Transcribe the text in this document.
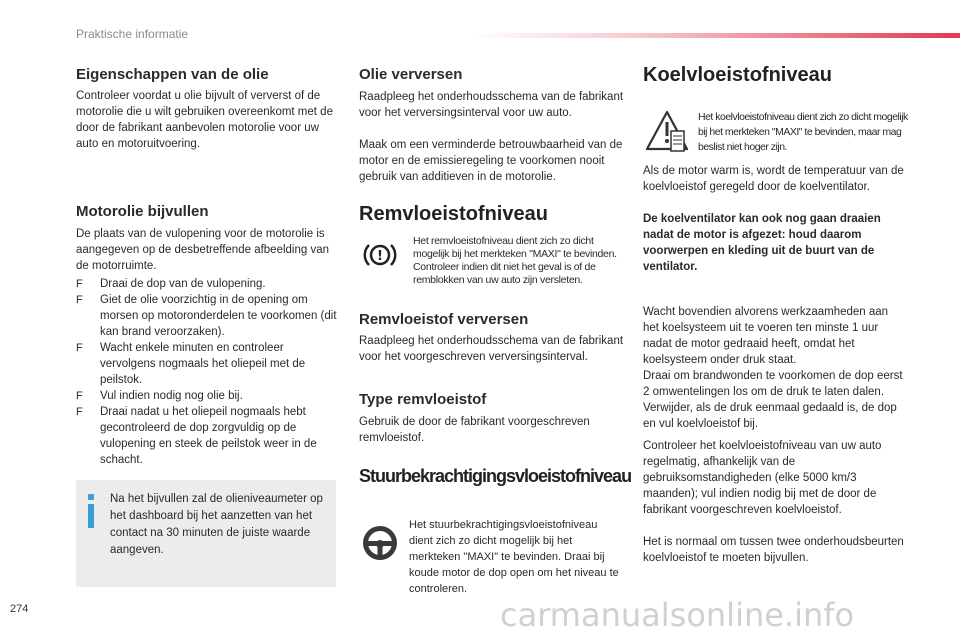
Praktische informatie
Eigenschappen van de olie
Controleer voordat u olie bijvult of ververst of de motorolie die u wilt gebruiken overeenkomt met de door de fabrikant aanbevolen motorolie voor uw auto en motoruitvoering.
Motorolie bijvullen
De plaats van de vulopening voor de motorolie is aangegeven op de desbetreffende afbeelding van de motorruimte.
F Draai de dop van de vulopening.
F Giet de olie voorzichtig in de opening om morsen op motoronderdelen te voorkomen (dit kan brand veroorzaken).
F Wacht enkele minuten en controleer vervolgens nogmaals het oliepeil met de peilstok.
F Vul indien nodig nog olie bij.
F Draai nadat u het oliepeil nogmaals hebt gecontroleerd de dop zorgvuldig op de vulopening en steek de peilstok weer in de schacht.
Na het bijvullen zal de olieniveaumeter op het dashboard bij het aanzetten van het contact na 30 minuten de juiste waarde aangeven.
Olie verversen
Raadpleeg het onderhoudsschema van de fabrikant voor het verversingsinterval voor uw auto.
Maak om een verminderde betrouwbaarheid van de motor en de emissieregeling te voorkomen nooit gebruik van additieven in de motorolie.
Remvloeistofniveau
!
Het remvloeistofniveau dient zich zo dicht mogelijk bij het merkteken "MAXI" te bevinden. Controleer indien dit niet het geval is of de remblokken van uw auto zijn versleten.
Remvloeistof verversen
Raadpleeg het onderhoudsschema van de fabrikant voor het voorgeschreven verversingsinterval.
Type remvloeistof
Gebruik de door de fabrikant voorgeschreven remvloeistof.
Stuurbekrachtigingsvloeistofniveau
Het stuurbekrachtigingsvloeistofniveau dient zich zo dicht mogelijk bij het merkteken "MAXI" te bevinden. Draai bij koude motor de dop open om het niveau te controleren.
Koelvloeistofniveau
Het koelvloeistofniveau dient zich zo dicht mogelijk bij het merkteken "MAXI" te bevinden, maar mag beslist niet hoger zijn.
Als de motor warm is, wordt de temperatuur van de koelvloeistof geregeld door de koelventilator.
De koelventilator kan ook nog gaan draaien nadat de motor is afgezet: houd daarom voorwerpen en kleding uit de buurt van de ventilator.
Wacht bovendien alvorens werkzaamheden aan het koelsysteem uit te voeren ten minste 1 uur nadat de motor gedraaid heeft, omdat het koelsysteem onder druk staat.
Draai om brandwonden te voorkomen de dop eerst 2 omwentelingen los om de druk te laten dalen. Verwijder, als de druk eenmaal gedaald is, de dop en vul koelvloeistof bij.
Controleer het koelvloeistofniveau van uw auto regelmatig, afhankelijk van de gebruiksomstandigheden (elke 5000 km/3 maanden); vul indien nodig bij met de door de fabrikant voorgeschreven koelvloeistof.
Het is normaal om tussen twee onderhoudsbeurten koelvloeistof te moeten bijvullen.
274	carmanualsonline.info
